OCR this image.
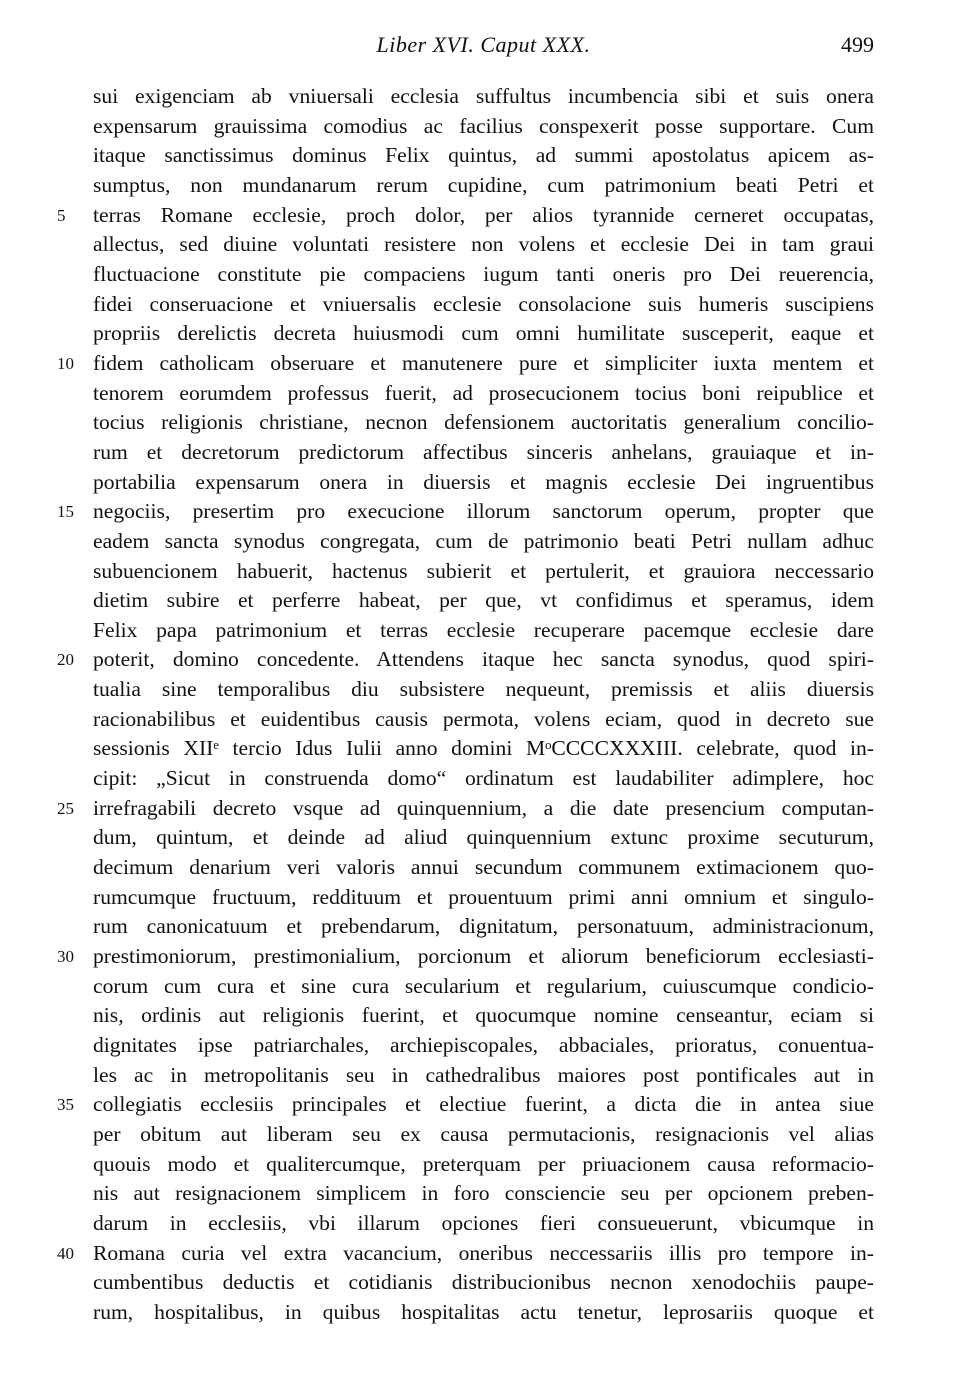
Liber XVI. Caput XXX.	499
sui exigenciam ab vniuersali ecclesia suffultus incumbencia sibi et suis onera
expensarum grauissima comodius ac facilius conspexerit posse supportare. Cum
itaque sanctissimus dominus Felix quintus, ad summi apostolatus apicem as-
sumptus, non mundanarum rerum cupidine, cum patrimonium beati Petri et
5	terras Romane ecclesie, proch dolor, per alios tyrannide cerneret occupatas,
allectus, sed diuine voluntati resistere non volens et ecclesie Dei in tam graui
fluctuacione constitute pie compaciens iugum tanti oneris pro Dei reuerencia,
fidei conseruacione et vniuersalis ecclesie consolacione suis humeris suscipiens
propriis derelictis decreta huiusmodi cum omni humilitate susceperit, eaque et
10 fidem catholicam obseruare et manutenere pure et simpliciter iuxta mentem et
tenorem eorumdem professus fuerit, ad prosecucionem tocius boni reipublice et
tocius religionis christiane, necnon defensionem auctoritatis generalium concilio-
rum et decretorum predictorum affectibus sinceris anhelans, grauiaque et in-
portabilia expensarum onera in diuersis et magnis ecclesie Dei ingruentibus
15 negociis, presertim pro execucione illorum sanctorum operum, propter que
eadem sancta synodus congregata, cum de patrimonio beati Petri nullam adhuc
subuencionem habuerit, hactenus subierit et pertulerit, et grauiora neccessario
dietim subire et perferre habeat, per que, vt confidimus et speramus, idem
Felix papa patrimonium et terras ecclesie recuperare pacemque ecclesie dare
20 poterit, domino concedente. Attendens itaque hec sancta synodus, quod spiri-
tualia sine temporalibus diu subsistere nequeunt, premissis et aliis diuersis
racionabilibus et euidentibus causis permota, volens eciam, quod in decreto sue
sessionis XIIᵉ tercio Idus Iulii anno domini MᵒCCCCXXXIII. celebrate, quod in-
cipit: „Sicut in construenda domo“ ordinatum est laudabiliter adimplere, hoc
25 irrefragabili decreto vsque ad quinquennium, a die date presencium computan-
dum, quintum, et deinde ad aliud quinquennium extunc proxime secuturum,
decimum denarium veri valoris annui secundum communem extimacionem quo-
rumcumque fructuum, reddituum et prouentuum primi anni omnium et singulo-
rum canonicatuum et prebendarum, dignitatum, personatuum, administracionum,
30 prestimoniorum, prestimonialium, porcionum et aliorum beneficiorum ecclesiasti-
corum cum cura et sine cura secularium et regularium, cuiuscumque condicio-
nis, ordinis aut religionis fuerint, et quocumque nomine censeantur, eciam si
dignitates ipse patriarchales, archiepiscopales, abbaciales, prioratus, conuentua-
les ac in metropolitanis seu in cathedralibus maiores post pontificales aut in
35 collegiatis ecclesiis principales et electiue fuerint, a dicta die in antea siue
per obitum aut liberam seu ex causa permutacionis, resignacionis vel alias
quouis modo et qualitercumque, preterquam per priuacionem causa reformacio-
nis aut resignacionem simplicem in foro consciencie seu per opcionem preben-
darum in ecclesiis, vbi illarum opciones fieri consueuerunt, vbicumque in
40 Romana curia vel extra vacancium, oneribus neccessariis illis pro tempore in-
cumbentibus deductis et cotidianis distribucionibus necnon xenodochiis paupe-
rum, hospitalibus, in quibus hospitalitas actu tenetur, leprosariis quoque et
